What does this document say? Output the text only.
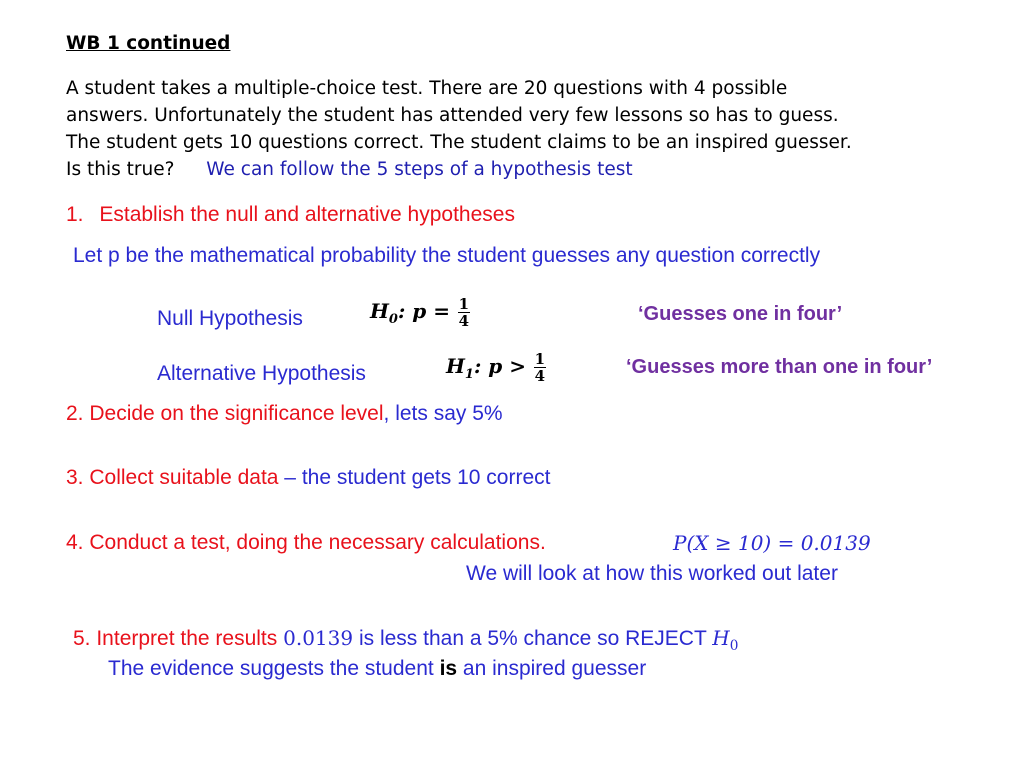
WB 1 continued
A student takes a multiple-choice test. There are 20 questions with 4 possible
answers. Unfortunately the student has attended very few lessons so has to guess.
The student gets 10 questions correct. The student claims to be an inspired guesser.
Is this true? We can follow the 5 steps of a hypothesis test
1. Establish the null and alternative hypotheses
Let p be the mathematical probability the student guesses any question correctly
Null Hypothesis	$H_0$: $p = \frac{1}{4}$	‘Guesses one in four’
Alternative Hypothesis	$H_1$: $p > \frac{1}{4}$	‘Guesses more than one in four’
2. Decide on the significance level, lets say 5%
3. Collect suitable data – the student gets 10 correct
4. Conduct a test, doing the necessary calculations.	P(X ≥ 10) = 0.0139
We will look at how this worked out later
5. Interpret the results 0.0139 is less than a 5% chance so REJECT $H_0$
The evidence suggests the student is an inspired guesser
